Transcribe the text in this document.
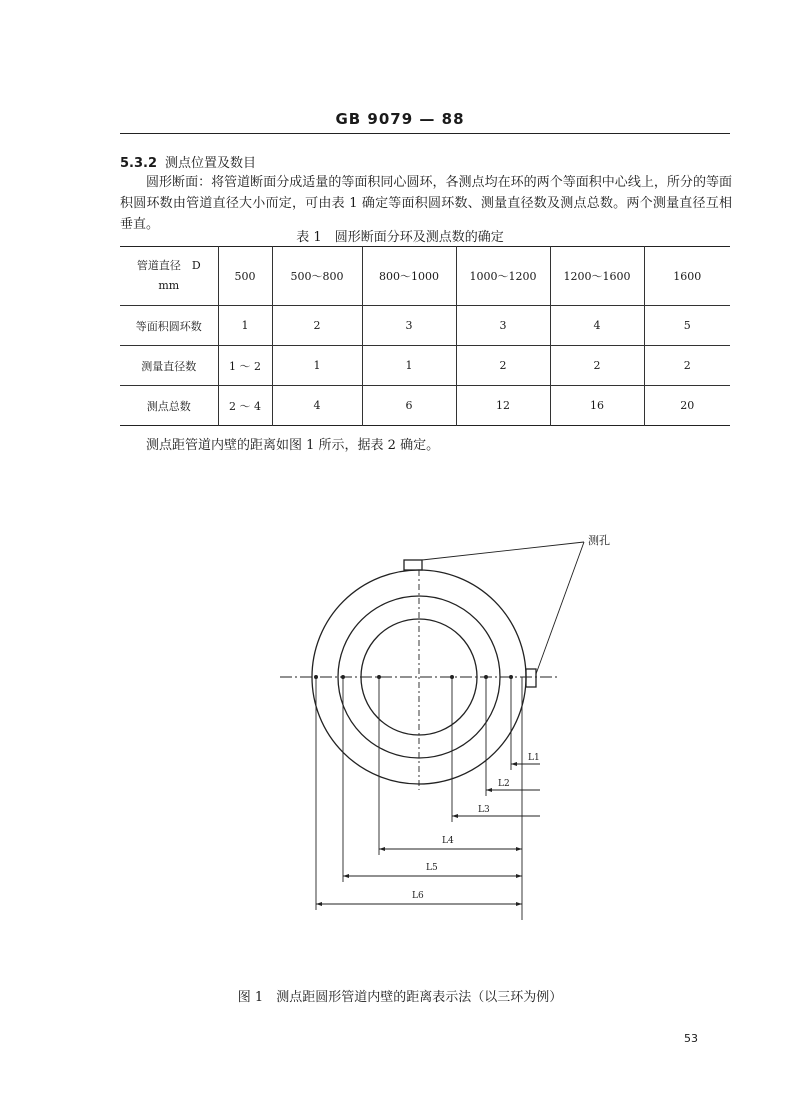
GB 9079 — 88
5.3.2 测点位置及数目
圆形断面：将管道断面分成适量的等面积同心圆环，各测点均在环的两个等面积中心线上，所分的等面积圆环数由管道直径大小而定，可由表 1 确定等面积圆环数、测量直径数及测点总数。两个测量直径互相垂直。
表 1　圆形断面分环及测点数的确定
管道直径　D
mm	500	500～800	800～1000	1000～1200	1200～1600	1600
等面积圆环数	1	2	3	3	4	5
测量直径数	1 ～ 2	1	1	2	2	2
测点总数	2 ～ 4	4	6	12	16	20
测点距管道内壁的距离如图 1 所示，据表 2 确定。
测孔
L1
L2
L3
L4
L5
L6
图 1　测点距圆形管道内壁的距离表示法（以三环为例）
53
